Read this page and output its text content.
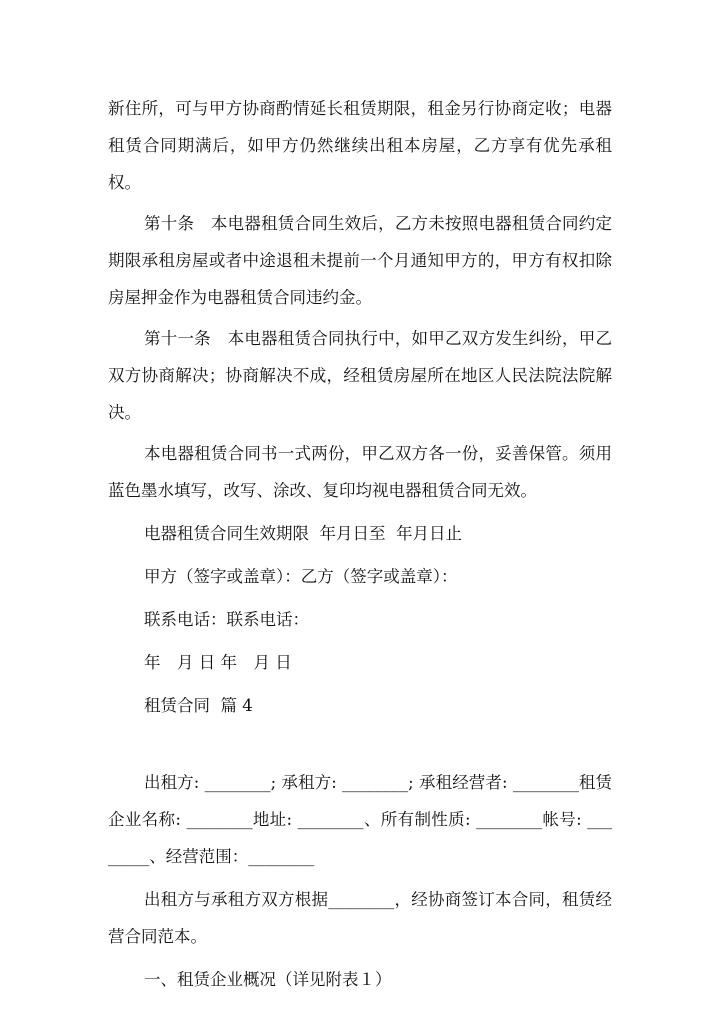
新住所，可与甲方协商酌情延长租赁期限，租金另行协商定收；电器租赁合同期满后，如甲方仍然继续出租本房屋，乙方享有优先承租权。

第十条　本电器租赁合同生效后，乙方未按照电器租赁合同约定期限承租房屋或者中途退租未提前一个月通知甲方的，甲方有权扣除房屋押金作为电器租赁合同违约金。

第十一条　本电器租赁合同执行中，如甲乙双方发生纠纷，甲乙双方协商解决；协商解决不成，经租赁房屋所在地区人民法院法院解决。

本电器租赁合同书一式两份，甲乙双方各一份，妥善保管。须用蓝色墨水填写，改写、涂改、复印均视电器租赁合同无效。

电器租赁合同生效期限  年月日至  年月日止

甲方（签字或盖章）：乙方（签字或盖章）：

联系电话：联系电话：

年　月 日 年　月 日

租赁合同  篇 4

出租方: ________; 承租方: ________; 承租经营者: ________租赁企业名称: ________地址: ________、所有制性质: ________帐号: ________、经营范围：________

出租方与承租方双方根据________，经协商签订本合同，租赁经营合同范本。

一、租赁企业概况（详见附表１）
